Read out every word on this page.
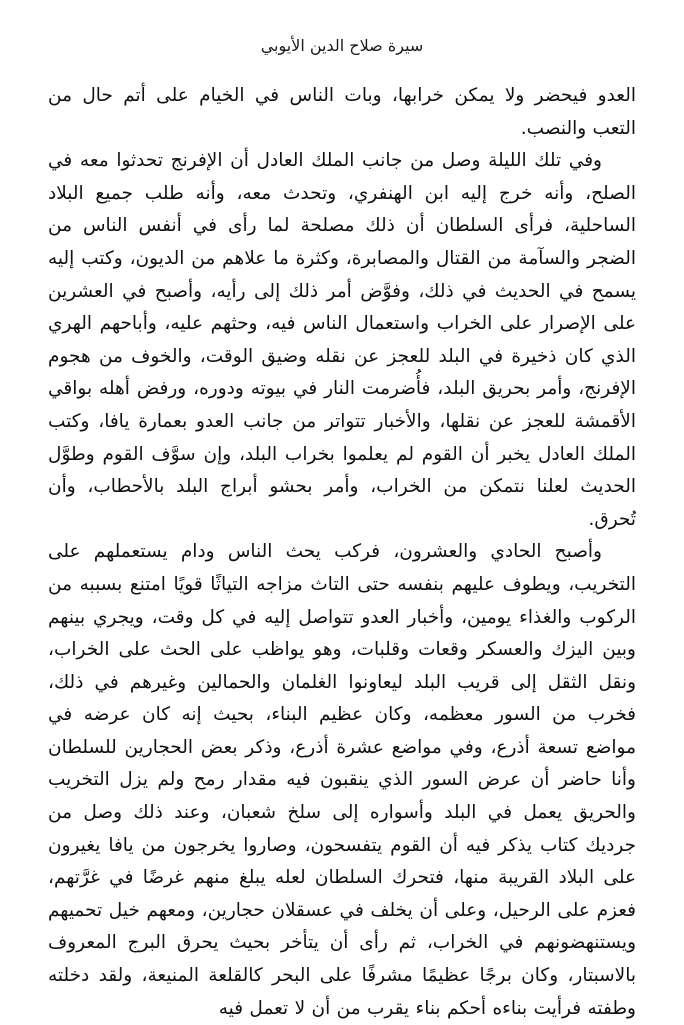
سيرة صلاح الدين الأيوبي

العدو فيحضر ولا يمكن خرابها، وبات الناس في الخيام على أتم حال من التعب والنصب.

وفي تلك الليلة وصل من جانب الملك العادل أن الإفرنج تحدثوا معه في الصلح، وأنه خرج إليه ابن الهنفري، وتحدث معه، وأنه طلب جميع البلاد الساحلية، فرأى السلطان أن ذلك مصلحة لما رأى في أنفس الناس من الضجر والسآمة من القتال والمصابرة، وكثرة ما علاهم من الديون، وكتب إليه يسمح في الحديث في ذلك، وفوَّض أمر ذلك إلى رأيه، وأصبح في العشرين على الإصرار على الخراب واستعمال الناس فيه، وحثهم عليه، وأباحهم الهري الذي كان ذخيرة في البلد للعجز عن نقله وضيق الوقت، والخوف من هجوم الإفرنج، وأمر بحريق البلد، فأُضرمت النار في بيوته ودوره، ورفض أهله بواقي الأقمشة للعجز عن نقلها، والأخبار تتواتر من جانب العدو بعمارة يافا، وكتب الملك العادل يخبر أن القوم لم يعلموا بخراب البلد، وإن سوَّف القوم وطوَّل الحديث لعلنا نتمكن من الخراب، وأمر بحشو أبراج البلد بالأحطاب، وأن تُحرق.

وأصبح الحادي والعشرون، فركب يحث الناس ودام يستعملهم على التخريب، ويطوف عليهم بنفسه حتى التاث مزاجه التياثًا قويًا امتنع بسببه من الركوب والغذاء يومين، وأخبار العدو تتواصل إليه في كل وقت، ويجري بينهم وبين اليزك والعسكر وقعات وقلبات، وهو يواظب على الحث على الخراب، ونقل الثقل إلى قريب البلد ليعاونوا الغلمان والحمالين وغيرهم في ذلك، فخرب من السور معظمه، وكان عظيم البناء، بحيث إنه كان عرضه في مواضع تسعة أذرع، وفي مواضع عشرة أذرع، وذكر بعض الحجارين للسلطان وأنا حاضر أن عرض السور الذي ينقبون فيه مقدار رمح ولم يزل التخريب والحريق يعمل في البلد وأسواره إلى سلخ شعبان، وعند ذلك وصل من جرديك كتاب يذكر فيه أن القوم يتفسحون، وصاروا يخرجون من يافا يغيرون على البلاد القريبة منها، فتحرك السلطان لعله يبلغ منهم غرضًا في غرَّتهم، فعزم على الرحيل، وعلى أن يخلف في عسقلان حجارين، ومعهم خيل تحميهم ويستنهضونهم في الخراب، ثم رأى أن يتأخر بحيث يحرق البرج المعروف بالاسبتار، وكان برجًا عظيمًا مشرفًا على البحر كالقلعة المنيعة، ولقد دخلته وطفته فرأيت بناءه أحكم بناء يقرب من أن لا تعمل فيه
